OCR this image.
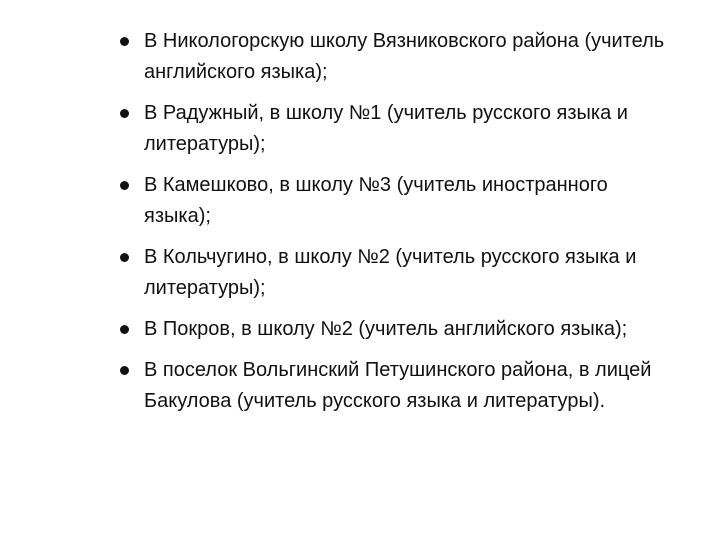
В Никологорскую школу Вязниковского района (учитель английского языка);
В Радужный, в школу №1 (учитель русского языка и литературы);
В Камешково, в школу №3 (учитель иностранного языка);
В Кольчугино, в школу №2 (учитель русского языка и литературы);
В Покров, в школу №2 (учитель английского языка);
В поселок Вольгинский Петушинского района, в лицей Бакулова (учитель русского языка и литературы).
